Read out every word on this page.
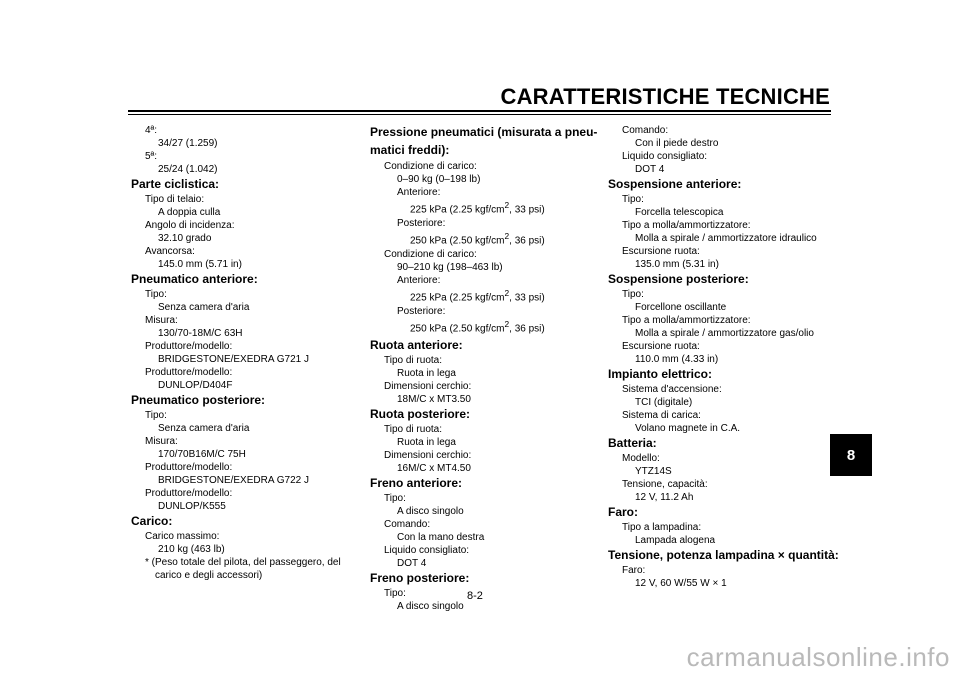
CARATTERISTICHE TECNICHE
8
8-2
4ª:
34/27 (1.259)
5ª:
25/24 (1.042)
Parte ciclistica:
Tipo di telaio:
A doppia culla
Angolo di incidenza:
32.10 grado
Avancorsa:
145.0 mm (5.71 in)
Pneumatico anteriore:
Tipo:
Senza camera d'aria
Misura:
130/70-18M/C 63H
Produttore/modello:
BRIDGESTONE/EXEDRA G721 J
Produttore/modello:
DUNLOP/D404F
Pneumatico posteriore:
Tipo:
Senza camera d'aria
Misura:
170/70B16M/C 75H
Produttore/modello:
BRIDGESTONE/EXEDRA G722 J
Produttore/modello:
DUNLOP/K555
Carico:
Carico massimo:
210 kg (463 lb)
* (Peso totale del pilota, del passeggero, del carico e degli accessori)
Pressione pneumatici (misurata a pneu-
matici freddi):
Condizione di carico:
0–90 kg (0–198 lb)
Anteriore:
225 kPa (2.25 kgf/$cm^2$, 33 psi)
Posteriore:
250 kPa (2.50 kgf/$cm^2$, 36 psi)
Condizione di carico:
90–210 kg (198–463 lb)
Anteriore:
225 kPa (2.25 kgf/$cm^2$, 33 psi)
Posteriore:
250 kPa (2.50 kgf/$cm^2$, 36 psi)
Ruota anteriore:
Tipo di ruota:
Ruota in lega
Dimensioni cerchio:
18M/C x MT3.50
Ruota posteriore:
Tipo di ruota:
Ruota in lega
Dimensioni cerchio:
16M/C x MT4.50
Freno anteriore:
Tipo:
A disco singolo
Comando:
Con la mano destra
Liquido consigliato:
DOT 4
Freno posteriore:
Tipo:
A disco singolo
Comando:
Con il piede destro
Liquido consigliato:
DOT 4
Sospensione anteriore:
Tipo:
Forcella telescopica
Tipo a molla/ammortizzatore:
Molla a spirale / ammortizzatore idraulico
Escursione ruota:
135.0 mm (5.31 in)
Sospensione posteriore:
Tipo:
Forcellone oscillante
Tipo a molla/ammortizzatore:
Molla a spirale / ammortizzatore gas/olio
Escursione ruota:
110.0 mm (4.33 in)
Impianto elettrico:
Sistema d'accensione:
TCI (digitale)
Sistema di carica:
Volano magnete in C.A.
Batteria:
Modello:
YTZ14S
Tensione, capacità:
12 V, 11.2 Ah
Faro:
Tipo a lampadina:
Lampada alogena
Tensione, potenza lampadina × quantità:
Faro:
12 V, 60 W/55 W × 1
carmanualsonline.info
